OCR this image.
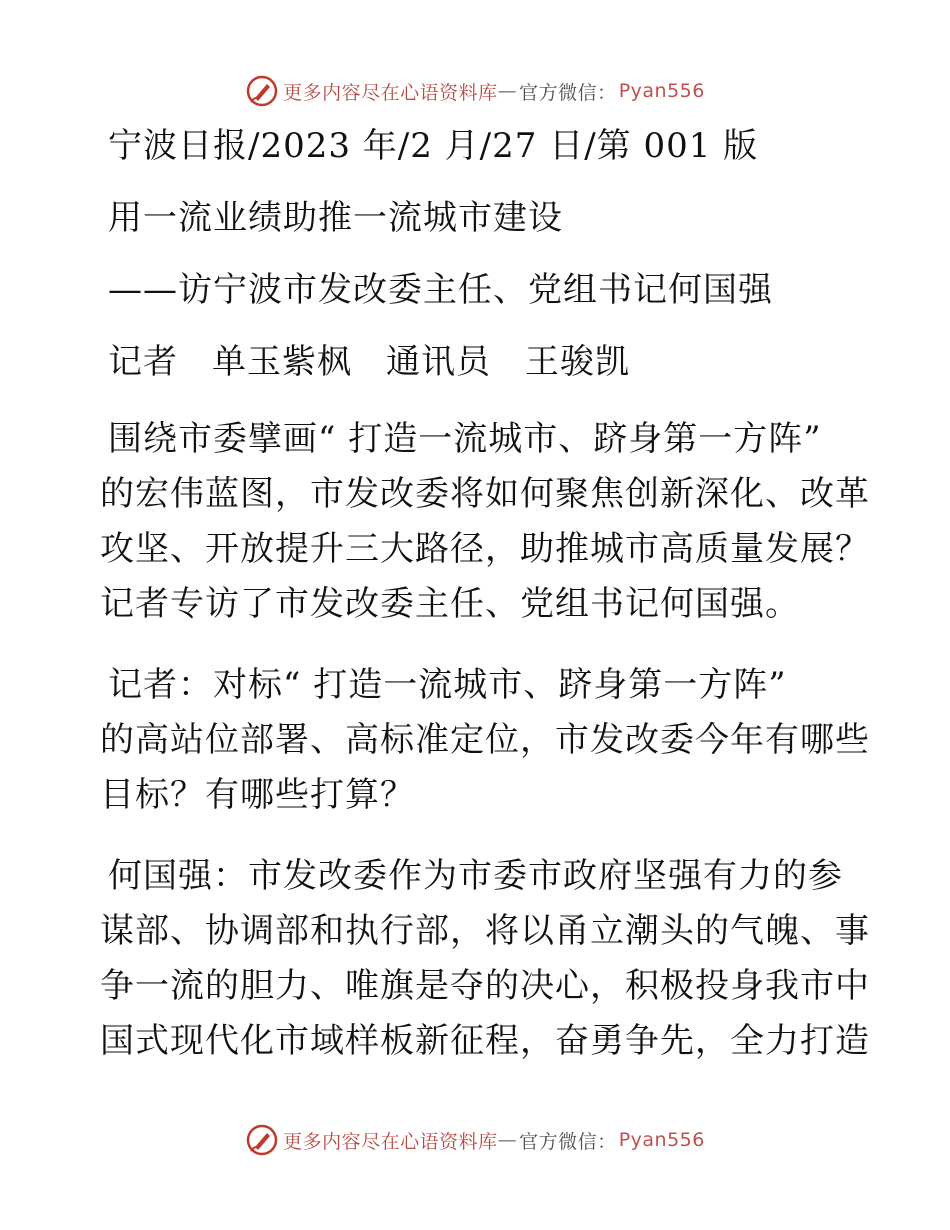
更多内容尽在心语资料库 — 官方微信： Pyan556
宁波日报/2023 年/2 月/27 日/第 001 版
用一流业绩助推一流城市建设
——访宁波市发改委主任、党组书记何国强
记者 单玉紫枫 通讯员 王骏凯
围绕市委擘画“ 打造一流城市、跻身第一方阵”
的宏伟蓝图，市发改委将如何聚焦创新深化、改革
攻坚、开放提升三大路径，助推城市高质量发展？
记者专访了市发改委主任、党组书记何国强。
记者：对标“ 打造一流城市、跻身第一方阵”
的高站位部署、高标准定位，市发改委今年有哪些
目标？有哪些打算？
何国强：市发改委作为市委市政府坚强有力的参
谋部、协调部和执行部，将以甬立潮头的气魄、事
争一流的胆力、唯旗是夺的决心，积极投身我市中
国式现代化市域样板新征程，奋勇争先，全力打造
更多内容尽在心语资料库 — 官方微信： Pyan556
